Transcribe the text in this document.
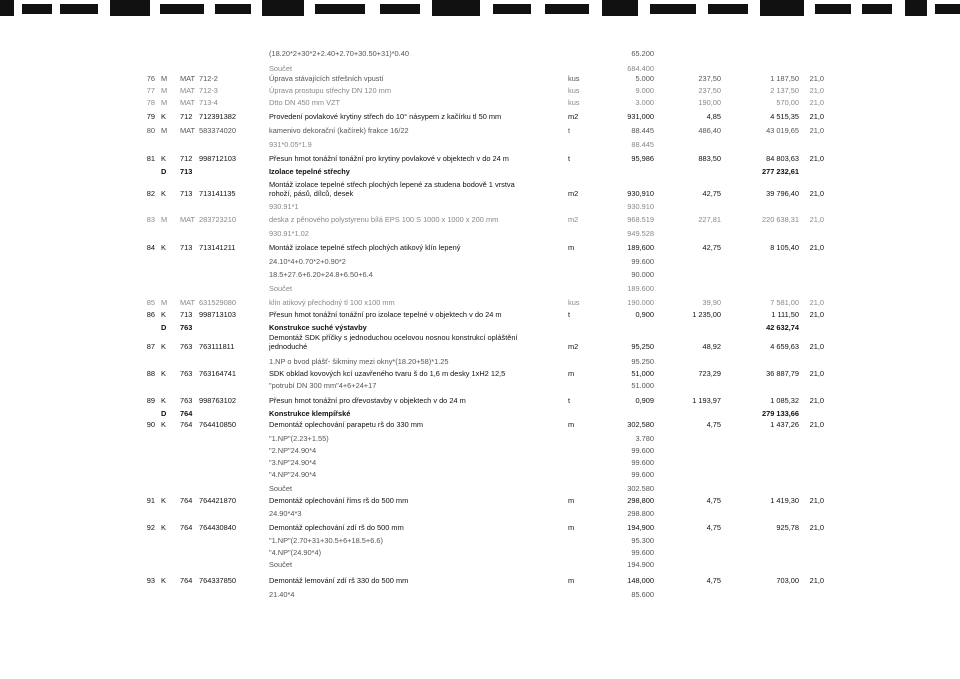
(18.20*2+30*2+2.40+2.70+30.50+31)*0.40	65.200
Součet	684.400
76 M MAT 712-2	Úprava stávajících střešních vpustí	kus	5.000	237,50	1 187,50	21,0
77 M MAT 712-3	Úprava prostupu střechy DN 120 mm	kus	9.000	237,50	2 137,50	21,0
78 M MAT 713-4	Dtto DN 450 mm VZT	kus	3.000	190,00	570,00	21,0
79 K 712 712391382	Provedení povlakové krytiny střech do 10° násypem z kačírku tl 50 mm	m2	931,000	4,85	4 515,35	21,0
80 M MAT 583374020	kamenivo dekorační (kačírek) frakce 16/22	t	88.445	486,40	43 019,65	21,0
931*0.05*1.9	88.445
81 K 712 998712103	Přesun hmot tonážní tonážní pro krytiny povlakové v objektech v do 24 m	t	95,986	883,50	84 803,63	21,0
D 713	Izolace tepelné střechy	277 232,61
82 K 713 713141135
Montáž izolace tepelné střech plochých lepené za studena bodově 1 vrstva rohoží, pásů, dílců, desek	m2	930,910	42,75	39 796,40	21,0
930.91*1	930.910
83 M MAT 283723210	deska z pěnového polystyrenu bílá EPS 100 S 1000 x 1000 x 200 mm	m2	968.519	227,81	220 638,31	21,0
930.91*1.02	949.528
84 K 713 713141211	Montáž izolace tepelné střech plochých atikový klín lepený	m	189,600	42,75	8 105,40	21,0
24.10*4+0.70*2+0.90*2	99.600
18.5+27.6+6.20+24.8+6.50+6.4	90.000
Součet	189.600
85 M MAT 631529080	klín atikový přechodný tl 100 x100 mm	kus	190.000	39,90	7 581,00	21,0
86 K 713 998713103	Přesun hmot tonážní tonážní pro izolace tepelné v objektech v do 24 m	t	0,900	1 235,00	1 111,50	21,0
D 763	Konstrukce suché výstavby	42 632,74
87 K 763 763111811
Demontáž SDK příčky s jednoduchou ocelovou nosnou konstrukcí opláštění jednoduché	m2	95,250	48,92	4 659,63	21,0
1.NP o bvod plášť- šikminy mezi okny*(18.20+58)*1.25	95.250
88 K 763 763164741	SDK obklad kovových kcí uzavřeného tvaru š do 1,6 m desky 1xH2 12,5	m	51,000	723,29	36 887,79	21,0
"potrubí DN 300 mm"4+6+24+17	51.000
89 K 763 998763102	Přesun hmot tonážní pro dřevostavby v objektech v do 24 m	t	0,909	1 193,97	1 085,32	21,0
D 764	Konstrukce klempířské	279 133,66
90 K 764 764410850	Demontáž oplechování parapetu rš do 330 mm	m	302,580	4,75	1 437,26	21,0
"1.NP"(2.23+1.55)	3.780
"2.NP"24.90*4	99.600
"3.NP"24.90*4	99.600
"4.NP"24.90*4	99.600
Součet	302.580
91 K 764 764421870	Demontáž oplechování říms rš do 500 mm	m	298,800	4,75	1 419,30	21,0
24.90*4*3	298.800
92 K 764 764430840	Demontáž oplechování zdí rš do 500 mm	m	194,900	4,75	925,78	21,0
"1.NP"(2.70+31+30.5+6+18.5+6.6)	95.300
"4.NP"(24.90*4)	99.600
Součet	194.900
93 K 764 764337850	Demontáž lemování zdí rš 330 do 500 mm	m	148,000	4,75	703,00	21,0
21.40*4	85.600
